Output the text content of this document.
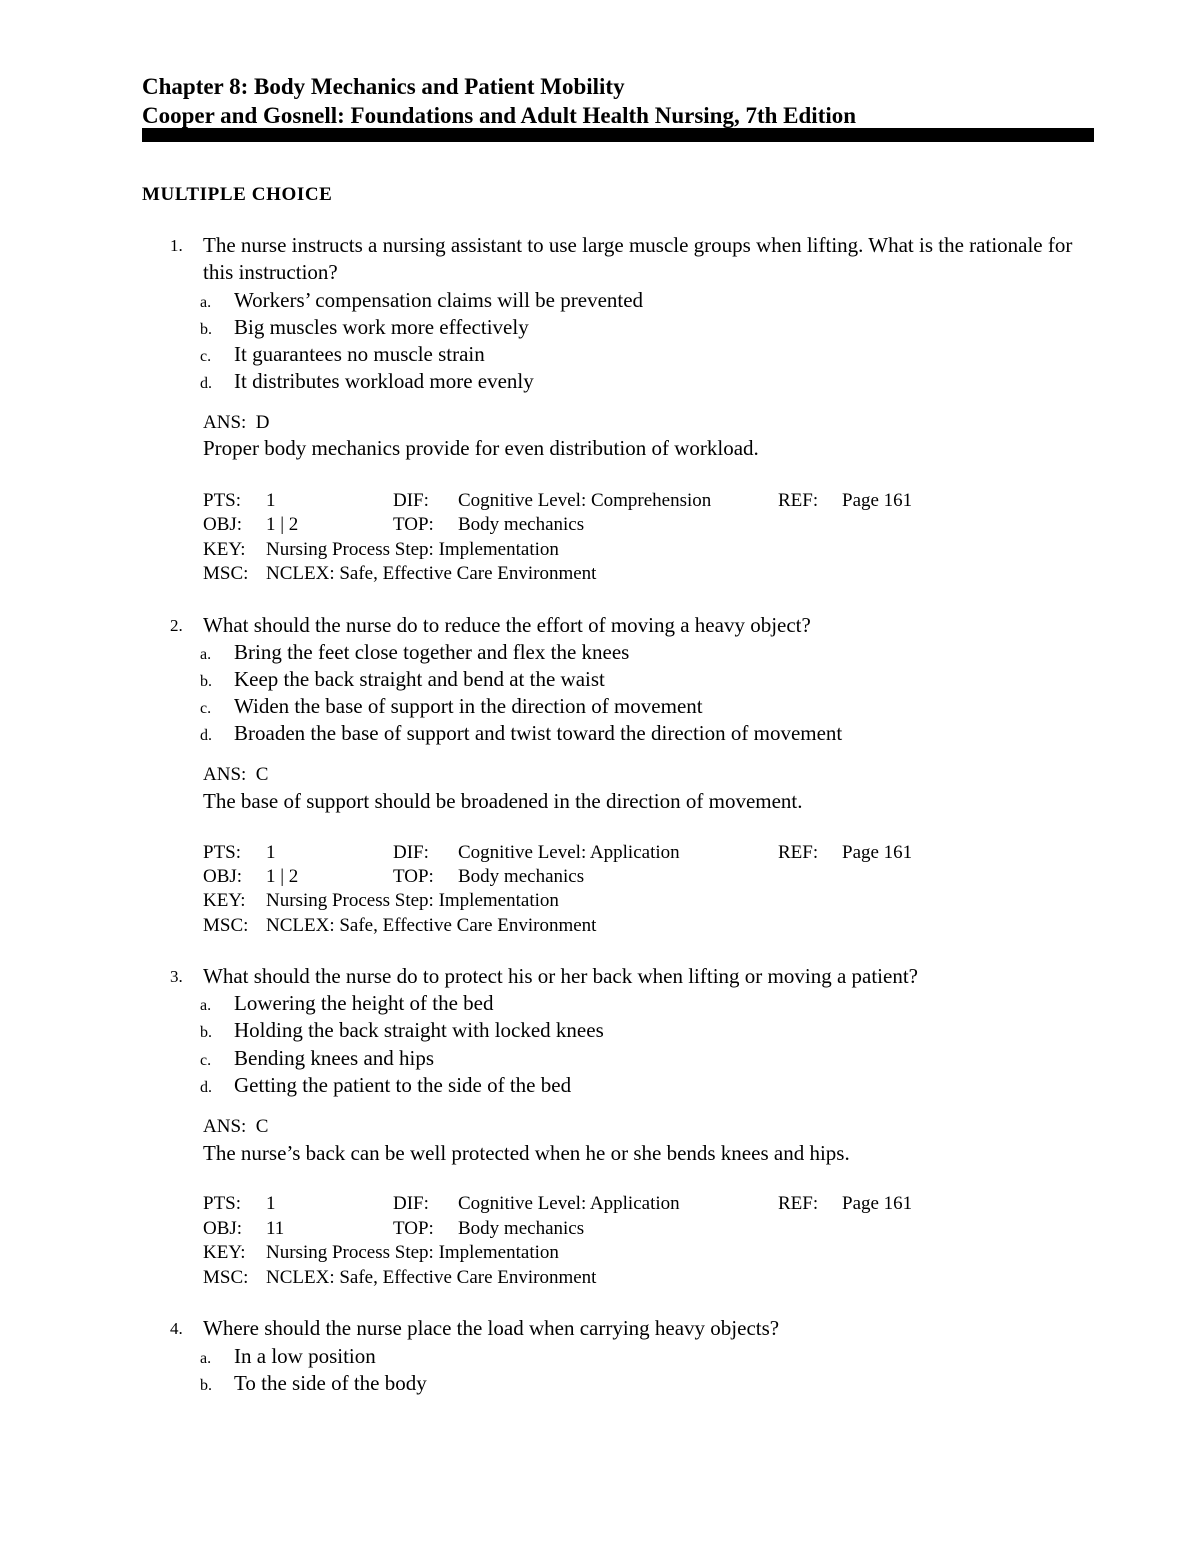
Chapter 8: Body Mechanics and Patient Mobility
Cooper and Gosnell: Foundations and Adult Health Nursing, 7th Edition
MULTIPLE CHOICE
1. The nurse instructs a nursing assistant to use large muscle groups when lifting. What is the rationale for this instruction?
a. Workers’ compensation claims will be prevented
b. Big muscles work more effectively
c. It guarantees no muscle strain
d. It distributes workload more evenly
ANS: D
Proper body mechanics provide for even distribution of workload.
PTS: 1	DIF: Cognitive Level: Comprehension	REF: Page 161
OBJ: 1 | 2	TOP: Body mechanics
KEY: Nursing Process Step: Implementation
MSC: NCLEX: Safe, Effective Care Environment
2. What should the nurse do to reduce the effort of moving a heavy object?
a. Bring the feet close together and flex the knees
b. Keep the back straight and bend at the waist
c. Widen the base of support in the direction of movement
d. Broaden the base of support and twist toward the direction of movement
ANS: C
The base of support should be broadened in the direction of movement.
PTS: 1	DIF: Cognitive Level: Application	REF: Page 161
OBJ: 1 | 2	TOP: Body mechanics
KEY: Nursing Process Step: Implementation
MSC: NCLEX: Safe, Effective Care Environment
3. What should the nurse do to protect his or her back when lifting or moving a patient?
a. Lowering the height of the bed
b. Holding the back straight with locked knees
c. Bending knees and hips
d. Getting the patient to the side of the bed
ANS: C
The nurse’s back can be well protected when he or she bends knees and hips.
PTS: 1	DIF: Cognitive Level: Application	REF: Page 161
OBJ: 11	TOP: Body mechanics
KEY: Nursing Process Step: Implementation
MSC: NCLEX: Safe, Effective Care Environment
4. Where should the nurse place the load when carrying heavy objects?
a. In a low position
b. To the side of the body
